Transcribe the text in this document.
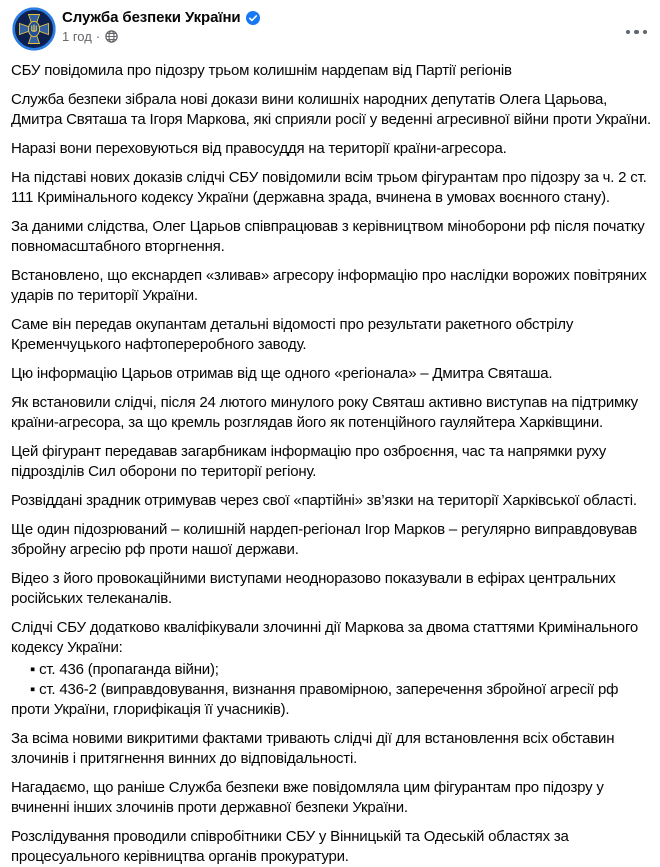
Служба безпеки України
1 год ·

СБУ повідомила про підозру трьом колишнім нардепам від Партії регіонів

Служба безпеки зібрала нові докази вини колишніх народних депутатів Олега Царьова, Дмитра Святаша та Ігоря Маркова, які сприяли росії у веденні агресивної війни проти України.

Наразі вони переховуються від правосуддя на території країни-агресора.

На підставі нових доказів слідчі СБУ повідомили всім трьом фігурантам про підозру за ч. 2 ст. 111 Кримінального кодексу України (державна зрада, вчинена в умовах воєнного стану).

За даними слідства, Олег Царьов співпрацював з керівництвом міноборони рф після початку повномасштабного вторгнення.

Встановлено, що екснардеп «зливав» агресору інформацію про наслідки ворожих повітряних ударів по території України.

Саме він передав окупантам детальні відомості про результати ракетного обстрілу Кременчуцького нафтопереробного заводу.

Цю інформацію Царьов отримав від ще одного «регіонала» – Дмитра Святаша.

Як встановили слідчі, після 24 лютого минулого року Святаш активно виступав на підтримку країни-агресора, за що кремль розглядав його як потенційного гауляйтера Харківщини.

Цей фігурант передавав загарбникам інформацію про озброєння, час та напрямки руху підрозділів Сил оборони по території регіону.

Розвіддані зрадник отримував через свої «партійні» зв’язки на території Харківської області.

Ще один підозрюваний – колишній нардеп-регіонал Ігор Марков – регулярно виправдовував збройну агресію рф проти нашої держави.

Відео з його провокаційними виступами неодноразово показували в ефірах центральних російських телеканалів.

Слідчі СБУ додатково кваліфікували злочинні дії Маркова за двома статтями Кримінального кодексу України:

▪ ст. 436 (пропаганда війни);

▪ ст. 436-2 (виправдовування, визнання правомірною, заперечення збройної агресії рф проти України, глорифікація її учасників).

За всіма новими викритими фактами тривають слідчі дії для встановлення всіх обставин злочинів і притягнення винних до відповідальності.

Нагадаємо, що раніше Служба безпеки вже повідомляла цим фігурантам про підозру у вчиненні інших злочинів проти державної безпеки України.

Розслідування проводили співробітники СБУ у Вінницькій та Одеській областях за процесуального керівництва органів прокуратури.
